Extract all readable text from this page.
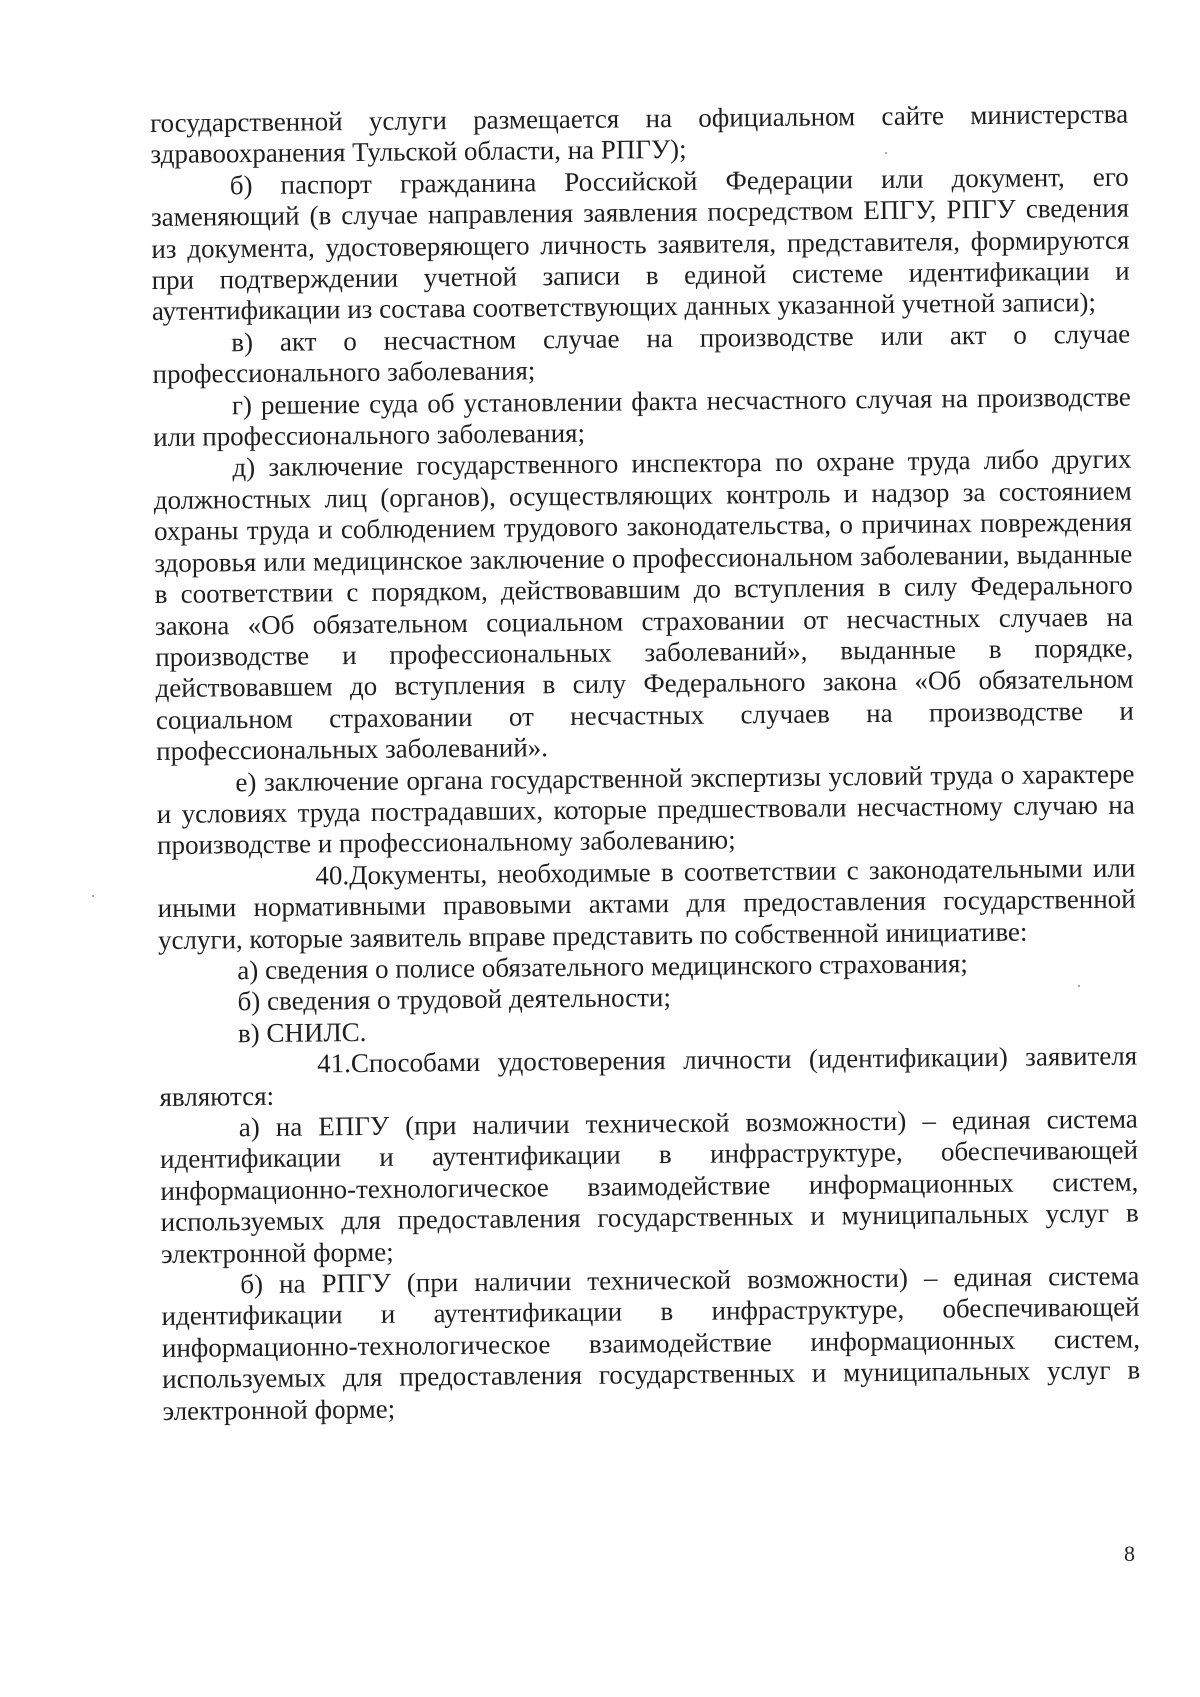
государственной услуги размещается на официальном сайте министерства здравоохранения Тульской области, на РПГУ);

б) паспорт гражданина Российской Федерации или документ, его заменяющий (в случае направления заявления посредством ЕПГУ, РПГУ сведения из документа, удостоверяющего личность заявителя, представителя, формируются при подтверждении учетной записи в единой системе идентификации и аутентификации из состава соответствующих данных указанной учетной записи);

в) акт о несчастном случае на производстве или акт о случае профессионального заболевания;

г) решение суда об установлении факта несчастного случая на производстве или профессионального заболевания;

д) заключение государственного инспектора по охране труда либо других должностных лиц (органов), осуществляющих контроль и надзор за состоянием охраны труда и соблюдением трудового законодательства, о причинах повреждения здоровья или медицинское заключение о профессиональном заболевании, выданные в соответствии с порядком, действовавшим до вступления в силу Федерального закона «Об обязательном социальном страховании от несчастных случаев на производстве и профессиональных заболеваний», выданные в порядке, действовавшем до вступления в силу Федерального закона «Об обязательном социальном страховании от несчастных случаев на производстве и профессиональных заболеваний».

е) заключение органа государственной экспертизы условий труда о характере и условиях труда пострадавших, которые предшествовали несчастному случаю на производстве и профессиональному заболеванию;

40.Документы, необходимые в соответствии с законодательными или иными нормативными правовыми актами для предоставления государственной услуги, которые заявитель вправе представить по собственной инициативе:

а) сведения о полисе обязательного медицинского страхования;

б) сведения о трудовой деятельности;

в) СНИЛС.

41.Способами удостоверения личности (идентификации) заявителя являются:

а) на ЕПГУ (при наличии технической возможности) – единая система идентификации и аутентификации в инфраструктуре, обеспечивающей информационно-технологическое взаимодействие информационных систем, используемых для предоставления государственных и муниципальных услуг в электронной форме;

б) на РПГУ (при наличии технической возможности) – единая система идентификации и аутентификации в инфраструктуре, обеспечивающей информационно-технологическое взаимодействие информационных систем, используемых для предоставления государственных и муниципальных услуг в электронной форме;

8
